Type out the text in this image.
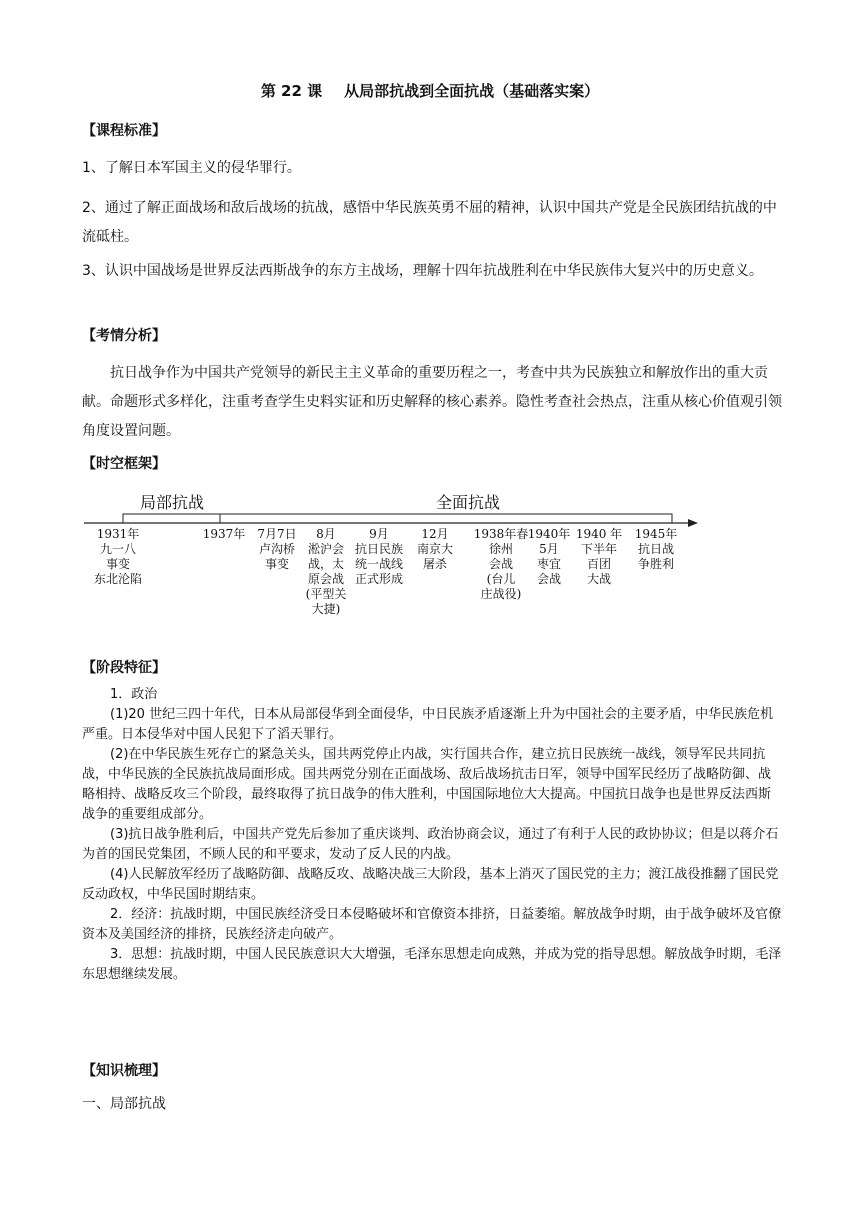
第 22 课 从局部抗战到全面抗战（基础落实案）
【课程标准】
1、了解日本军国主义的侵华罪行。
2、通过了解正面战场和敌后战场的抗战，感悟中华民族英勇不屈的精神，认识中国共产党是全民族团结抗战的中流砥柱。
3、认识中国战场是世界反法西斯战争的东方主战场，理解十四年抗战胜利在中华民族伟大复兴中的历史意义。
【考情分析】
抗日战争作为中国共产党领导的新民主主义革命的重要历程之一，考查中共为民族独立和解放作出的重大贡献。命题形式多样化，注重考查学生史料实证和历史解释的核心素养。隐性考查社会热点，注重从核心价值观引领角度设置问题。
【时空框架】
局部抗战	全面抗战
1931年
九一八
事变
东北沦陷
1937年 7月7日
卢沟桥
事变
8月
淞沪会
战，太
原会战
(平型关
大捷)
9月
抗日民族
统一战线
正式形成
12月
南京大
屠杀
1938年春
徐州
会战
(台儿
庄战役)
1940年
5月
枣宜
会战
1940 年
下半年
百团
大战
1945年
抗日战
争胜利
【阶段特征】

1．政治

(1)20 世纪三四十年代，日本从局部侵华到全面侵华，中日民族矛盾逐渐上升为中国社会的主要矛盾，中华民族危机严重。日本侵华对中国人民犯下了滔天罪行。

(2)在中华民族生死存亡的紧急关头，国共两党停止内战，实行国共合作，建立抗日民族统一战线，领导军民共同抗战，中华民族的全民族抗战局面形成。国共两党分别在正面战场、敌后战场抗击日军，领导中国军民经历了战略防御、战略相持、战略反攻三个阶段，最终取得了抗日战争的伟大胜利，中国国际地位大大提高。中国抗日战争也是世界反法西斯战争的重要组成部分。

(3)抗日战争胜利后，中国共产党先后参加了重庆谈判、政治协商会议，通过了有利于人民的政协协议；但是以蒋介石为首的国民党集团，不顾人民的和平要求，发动了反人民的内战。

(4)人民解放军经历了战略防御、战略反攻、战略决战三大阶段，基本上消灭了国民党的主力；渡江战役推翻了国民党反动政权，中华民国时期结束。

2．经济：抗战时期，中国民族经济受日本侵略破坏和官僚资本排挤，日益萎缩。解放战争时期，由于战争破坏及官僚资本及美国经济的排挤，民族经济走向破产。

3．思想：抗战时期，中国人民民族意识大大增强，毛泽东思想走向成熟，并成为党的指导思想。解放战争时期，毛泽东思想继续发展。

【知识梳理】
一、局部抗战
